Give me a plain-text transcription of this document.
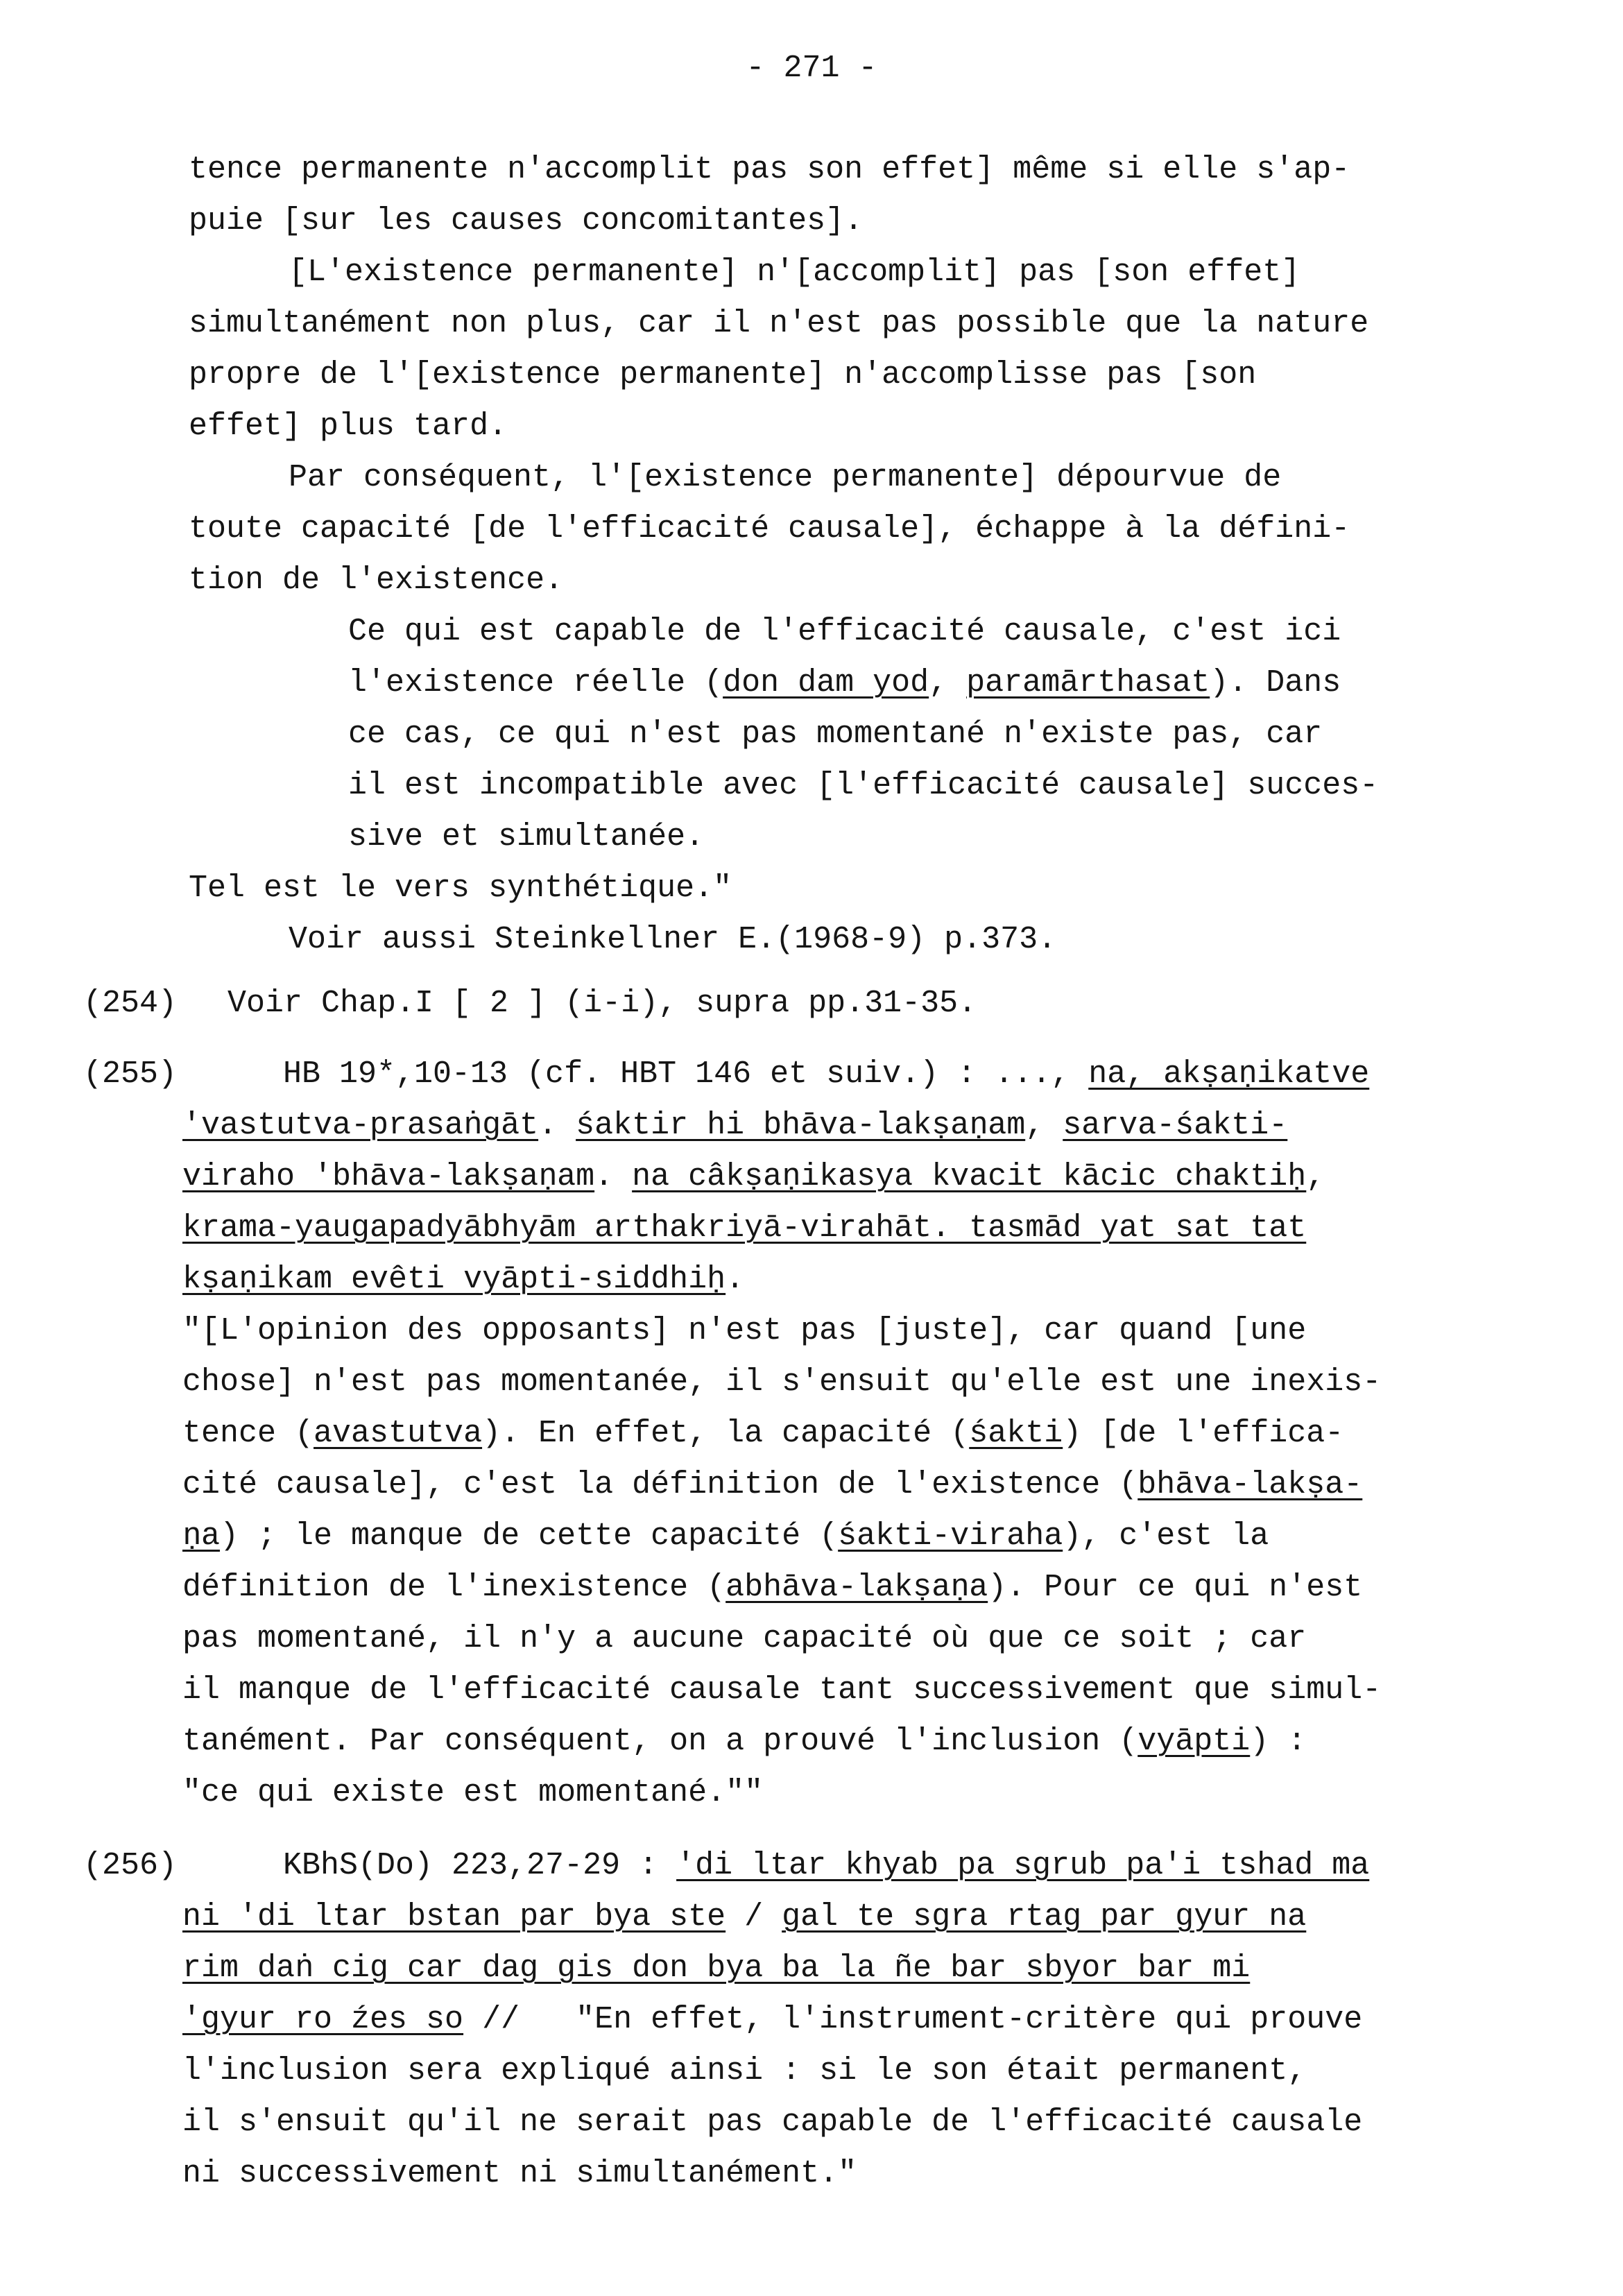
- 271 -
tence permanente n'accomplit pas son effet] même si elle s'ap-
puie [sur les causes concomitantes].
[L'existence permanente] n'[accomplit] pas [son effet]
simultanément non plus, car il n'est pas possible que la nature
propre de l'[existence permanente] n'accomplisse pas [son
effet] plus tard.
Par conséquent, l'[existence permanente] dépourvue de
toute capacité [de l'efficacité causale], échappe à la défini-
tion de l'existence.
Ce qui est capable de l'efficacité causale, c'est ici
l'existence réelle (don dam yod, paramārthasat). Dans
ce cas, ce qui n'est pas momentané n'existe pas, car
il est incompatible avec [l'efficacité causale] succes-
sive et simultanée.
Tel est le vers synthétique."
Voir aussi Steinkellner E.(1968-9) p.373.
(254) Voir Chap.I [ 2 ] (i-i), supra pp.31-35.
(255)	HB 19*,10-13 (cf. HBT 146 et suiv.) : ..., na, akṣaṇikatve
'vastutva-prasaṅgāt. śaktir hi bhāva-lakṣaṇam, sarva-śakti-
viraho 'bhāva-lakṣaṇam. na câkṣaṇikasya kvacit kācic chaktiḥ,
krama-yaugapadyābhyām arthakriyā-virahāt. tasmād yat sat tat
kṣaṇikam evêti vyāpti-siddhiḥ.
"[L'opinion des opposants] n'est pas [juste], car quand [une
chose] n'est pas momentanée, il s'ensuit qu'elle est une inexis-
tence (avastutva). En effet, la capacité (śakti) [de l'effica-
cité causale], c'est la définition de l'existence (bhāva-lakṣa-
ṇa) ; le manque de cette capacité (śakti-viraha), c'est la
définition de l'inexistence (abhāva-lakṣaṇa). Pour ce qui n'est
pas momentané, il n'y a aucune capacité où que ce soit ; car
il manque de l'efficacité causale tant successivement que simul-
tanément. Par conséquent, on a prouvé l'inclusion (vyāpti) :
"ce qui existe est momentané.""
(256)	KBhS(Do) 223,27-29 : 'di ltar khyab pa sgrub pa'i tshad ma
ni 'di ltar bstan par bya ste / gal te sgra rtag par gyur na
rim daṅ cig car dag gis don bya ba la ñe bar sbyor bar mi
'gyur ro źes so //   "En effet, l'instrument-critère qui prouve
l'inclusion sera expliqué ainsi : si le son était permanent,
il s'ensuit qu'il ne serait pas capable de l'efficacité causale
ni successivement ni simultanément."
